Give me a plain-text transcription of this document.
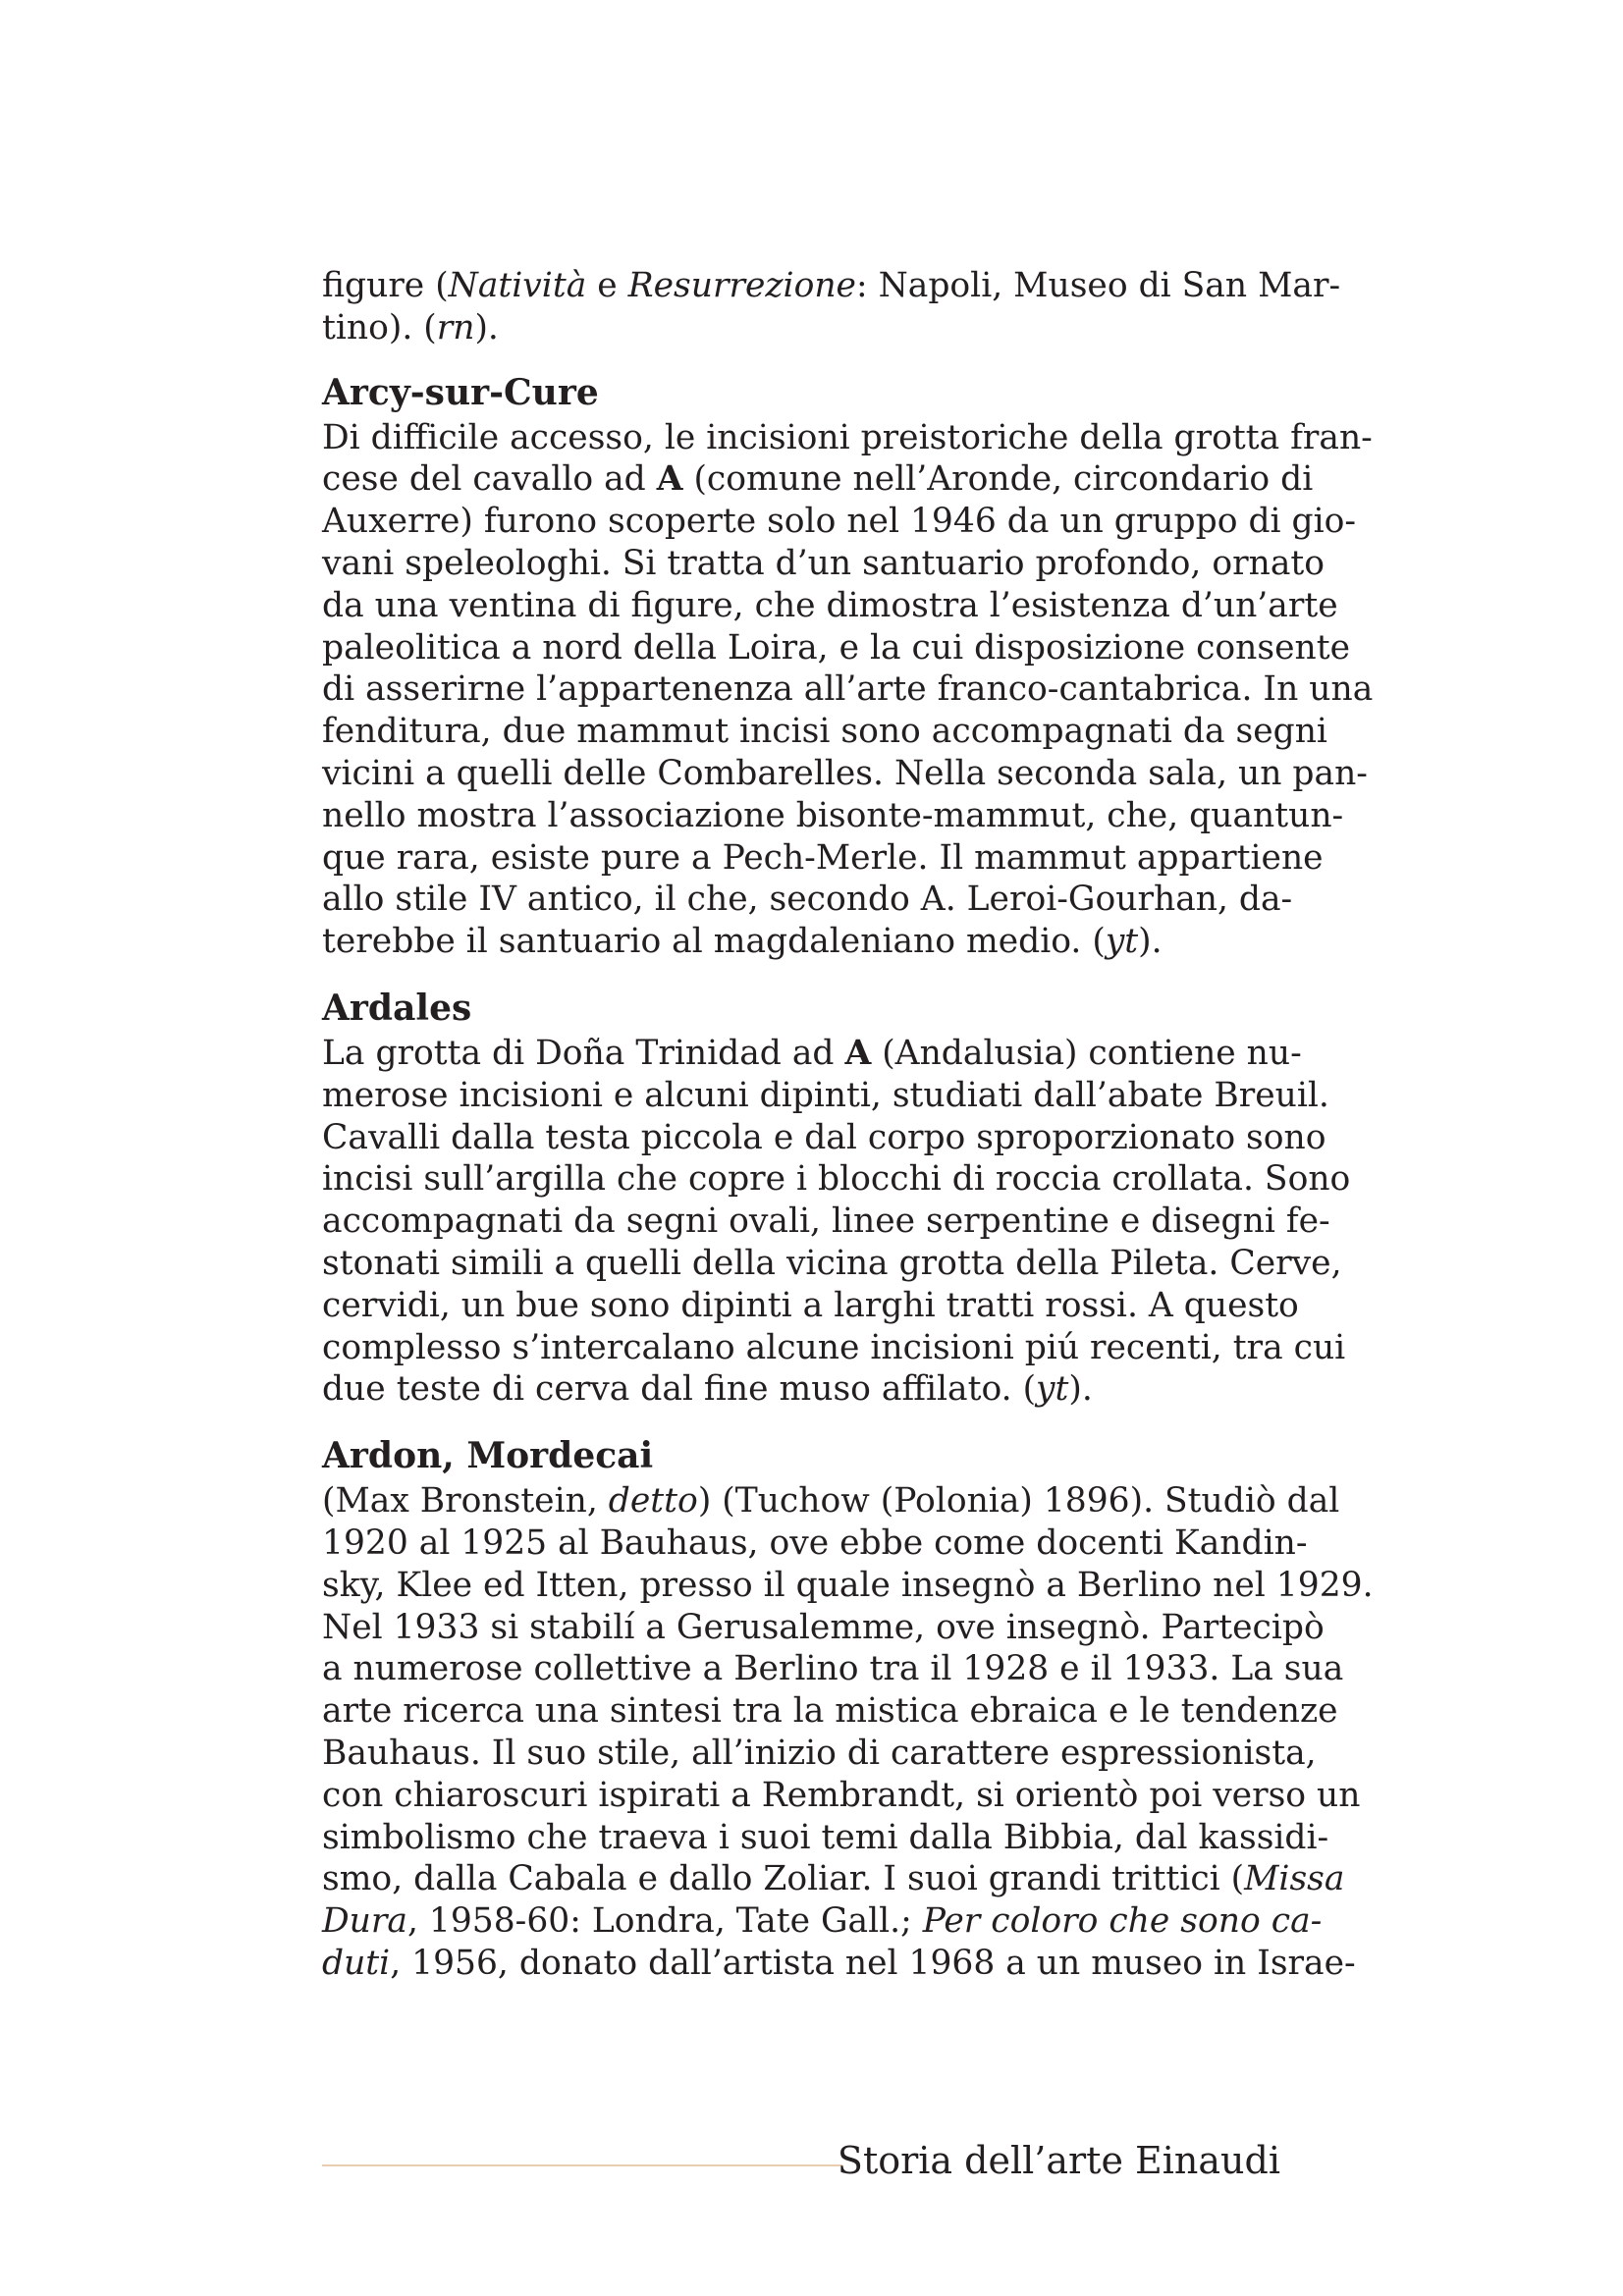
figure (Natività e Resurrezione: Napoli, Museo di San Mar-
tino). (rn).

Arcy-sur-Cure

Di difficile accesso, le incisioni preistoriche della grotta fran-
cese del cavallo ad A (comune nell’Aronde, circondario di
Auxerre) furono scoperte solo nel 1946 da un gruppo di gio-
vani speleologhi. Si tratta d’un santuario profondo, ornato
da una ventina di figure, che dimostra l’esistenza d’un’arte
paleolitica a nord della Loira, e la cui disposizione consente
di asserirne l’appartenenza all’arte franco-cantabrica. In una
fenditura, due mammut incisi sono accompagnati da segni
vicini a quelli delle Combarelles. Nella seconda sala, un pan-
nello mostra l’associazione bisonte-mammut, che, quantun-
que rara, esiste pure a Pech-Merle. Il mammut appartiene
allo stile IV antico, il che, secondo A. Leroi-Gourhan, da-
terebbe il santuario al magdaleniano medio. (yt).

Ardales

La grotta di Doña Trinidad ad A (Andalusia) contiene nu-
merose incisioni e alcuni dipinti, studiati dall’abate Breuil.
Cavalli dalla testa piccola e dal corpo sproporzionato sono
incisi sull’argilla che copre i blocchi di roccia crollata. Sono
accompagnati da segni ovali, linee serpentine e disegni fe-
stonati simili a quelli della vicina grotta della Pileta. Cerve,
cervidi, un bue sono dipinti a larghi tratti rossi. A questo
complesso s’intercalano alcune incisioni piú recenti, tra cui
due teste di cerva dal fine muso affilato. (yt).

Ardon, Mordecai

(Max Bronstein, detto) (Tuchow (Polonia) 1896). Studiò dal
1920 al 1925 al Bauhaus, ove ebbe come docenti Kandin-
sky, Klee ed Itten, presso il quale insegnò a Berlino nel 1929.
Nel 1933 si stabilí a Gerusalemme, ove insegnò. Partecipò
a numerose collettive a Berlino tra il 1928 e il 1933. La sua
arte ricerca una sintesi tra la mistica ebraica e le tendenze
Bauhaus. Il suo stile, all’inizio di carattere espressionista,
con chiaroscuri ispirati a Rembrandt, si orientò poi verso un
simbolismo che traeva i suoi temi dalla Bibbia, dal kassidi-
smo, dalla Cabala e dallo Zoliar. I suoi grandi trittici (Missa
Dura, 1958-60: Londra, Tate Gall.; Per coloro che sono ca-
duti, 1956, donato dall’artista nel 1968 a un museo in Israe-

Storia dell’arte Einaudi
